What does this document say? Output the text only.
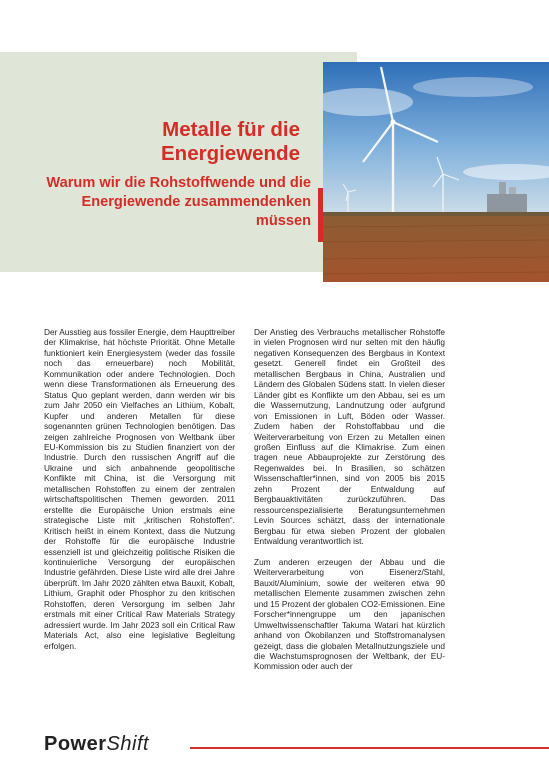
Metalle für die Energiewende
Warum wir die Rohstoffwende und die Energiewende zusammendenken müssen

Der Ausstieg aus fossiler Energie, dem Haupttreiber der Klimakrise, hat höchste Priorität. Ohne Metalle funktioniert kein Energiesystem (weder das fossile noch das erneuerbare) noch Mobilität, Kommunikation oder andere Technologien. Doch wenn diese Transformationen als Erneuerung des Status Quo geplant werden, dann werden wir bis zum Jahr 2050 ein Vielfaches an Lithium, Kobalt, Kupfer und anderen Metallen für diese sogenannten grünen Technologien benötigen. Das zeigen zahlreiche Prognosen von Weltbank über EU-Kommission bis zu Studien finanziert von der Industrie. Durch den russischen Angriff auf die Ukraine und sich anbahnende geopolitische Konflikte mit China, ist die Versorgung mit metallischen Rohstoffen zu einem der zentralen wirtschaftspolitischen Themen geworden. 2011 erstellte die Europäische Union erstmals eine strategische Liste mit „kritischen Rohstoffen“. Kritisch heißt in einem Kontext, dass die Nutzung der Rohstoffe für die europäische Industrie essenziell ist und gleichzeitig politische Risiken die kontinuierliche Versorgung der europäischen Industrie gefährden. Diese Liste wird alle drei Jahre überprüft. Im Jahr 2020 zählten etwa Bauxit, Kobalt, Lithium, Graphit oder Phosphor zu den kritischen Rohstoffen, deren Versorgung im selben Jahr erstmals mit einer Critical Raw Materials Strategy adressiert wurde. Im Jahr 2023 soll ein Critical Raw Materials Act, also eine legislative Begleitung erfolgen.

Der Anstieg des Verbrauchs metallischer Rohstoffe in vielen Prognosen wird nur selten mit den häufig negativen Konsequenzen des Bergbaus in Kontext gesetzt. Generell findet ein Großteil des metallischen Bergbaus in China, Australien und Ländern des Globalen Südens statt. In vielen dieser Länder gibt es Konflikte um den Abbau, sei es um die Wassernutzung, Landnutzung oder aufgrund von Emissionen in Luft, Böden oder Wasser. Zudem haben der Rohstoffabbau und die Weiterverarbeitung von Erzen zu Metallen einen großen Einfluss auf die Klimakrise. Zum einen tragen neue Abbauprojekte zur Zerstörung des Regenwaldes bei. In Brasilien, so schätzen Wissenschaftler*innen, sind von 2005 bis 2015 zehn Prozent der Entwaldung auf Bergbauaktivitäten zurückzuführen. Das ressourcenspezialisierte Beratungsunternehmen Levin Sources schätzt, dass der internationale Bergbau für etwa sieben Prozent der globalen Entwaldung verantwortlich ist.

Zum anderen erzeugen der Abbau und die Weiterverarbeitung von Eisenerz/Stahl, Bauxit/Aluminium, sowie der weiteren etwa 90 metallischen Elemente zusammen zwischen zehn und 15 Prozent der globalen CO2-Emissionen. Eine Forscher*innengruppe um den japanischen Umweltwissenschaftler Takuma Watari hat kürzlich anhand von Ökobilanzen und Stoffstromanalysen gezeigt, dass die globalen Metallnutzungsziele und die Wachstumsprognosen der Weltbank, der EU-Kommission oder auch der

PowerShift
